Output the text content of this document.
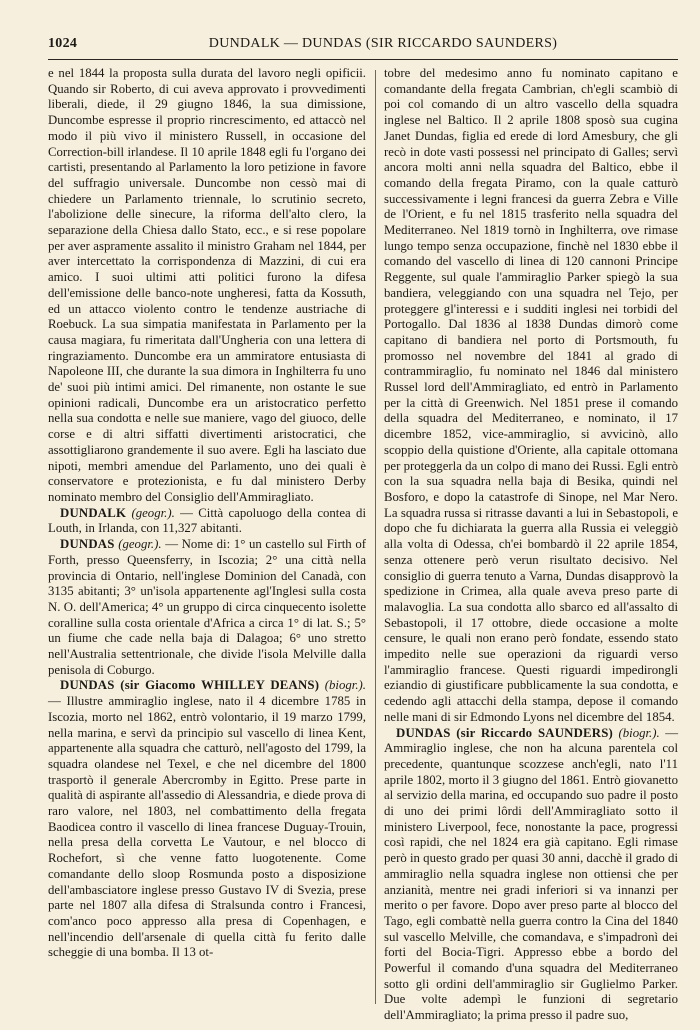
1024	DUNDALK — DUNDAS (SIR RICCARDO SAUNDERS)

e nel 1844 la proposta sulla durata del lavoro negli opificii. Quando sir Roberto, di cui aveva approvato i provvedimenti liberali, diede, il 29 giugno 1846, la sua dimissione, Duncombe espresse il proprio rincrescimento, ed attaccò nel modo il più vivo il ministero Russell, in occasione del Correction-bill irlandese. Il 10 aprile 1848 egli fu l'organo dei cartisti, presentando al Parlamento la loro petizione in favore del suffragio universale. Duncombe non cessò mai di chiedere un Parlamento triennale, lo scrutinio secreto, l'abolizione delle sinecure, la riforma dell'alto clero, la separazione della Chiesa dallo Stato, ecc., e si rese popolare per aver aspramente assalito il ministro Graham nel 1844, per aver intercettato la corrispondenza di Mazzini, di cui era amico. I suoi ultimi atti politici furono la difesa dell'emissione delle banco-note ungheresi, fatta da Kossuth, ed un attacco violento contro le tendenze austriache di Roebuck. La sua simpatia manifestata in Parlamento per la causa magiara, fu rimeritata dall'Ungheria con una lettera di ringraziamento. Duncombe era un ammiratore entusiasta di Napoleone III, che durante la sua dimora in Inghilterra fu uno de' suoi più intimi amici. Del rimanente, non ostante le sue opinioni radicali, Duncombe era un aristocratico perfetto nella sua condotta e nelle sue maniere, vago del giuoco, delle corse e di altri siffatti divertimenti aristocratici, che assottigliarono grandemente il suo avere. Egli ha lasciato due nipoti, membri amendue del Parlamento, uno dei quali è conservatore e protezionista, e fu dal ministero Derby nominato membro del Consiglio dell'Ammiragliato.

DUNDALK (geogr.). — Città capoluogo della contea di Louth, in Irlanda, con 11,327 abitanti.

DUNDAS (geogr.). — Nome di: 1° un castello sul Firth of Forth, presso Queensferry, in Iscozia; 2° una città nella provincia di Ontario, nell'inglese Dominion del Canadà, con 3135 abitanti; 3° un'isola appartenente agl'Inglesi sulla costa N. O. dell'America; 4° un gruppo di circa cinquecento isolette coralline sulla costa orientale d'Africa a circa 1° di lat. S.; 5° un fiume che cade nella baja di Dalagoa; 6° uno stretto nell'Australia settentrionale, che divide l'isola Melville dalla penisola di Coburgo.

DUNDAS (sir Giacomo WHILLEY DEANS) (biogr.). — Illustre ammiraglio inglese, nato il 4 dicembre 1785 in Iscozia, morto nel 1862, entrò volontario, il 19 marzo 1799, nella marina, e servì da principio sul vascello di linea Kent, appartenente alla squadra che catturò, nell'agosto del 1799, la squadra olandese nel Texel, e che nel dicembre del 1800 trasportò il generale Abercromby in Egitto. Prese parte in qualità di aspirante all'assedio di Alessandria, e diede prova di raro valore, nel 1803, nel combattimento della fregata Baodicea contro il vascello di linea francese Duguay-Trouin, nella presa della corvetta Le Vautour, e nel blocco di Rochefort, sì che venne fatto luogotenente. Come comandante dello sloop Rosmunda posto a disposizione dell'ambasciatore inglese presso Gustavo IV di Svezia, prese parte nel 1807 alla difesa di Stralsunda contro i Francesi, com'anco poco appresso alla presa di Copenhagen, e nell'incendio dell'arsenale di quella città fu ferito dalle scheggie di una bomba. Il 13 ot-

tobre del medesimo anno fu nominato capitano e comandante della fregata Cambrian, ch'egli scambiò di poi col comando di un altro vascello della squadra inglese nel Baltico. Il 2 aprile 1808 sposò sua cugina Janet Dundas, figlia ed erede di lord Amesbury, che gli recò in dote vasti possessi nel principato di Galles; servì ancora molti anni nella squadra del Baltico, ebbe il comando della fregata Piramo, con la quale catturò successivamente i legni francesi da guerra Zebra e Ville de l'Orient, e fu nel 1815 trasferito nella squadra del Mediterraneo. Nel 1819 tornò in Inghilterra, ove rimase lungo tempo senza occupazione, finchè nel 1830 ebbe il comando del vascello di linea di 120 cannoni Principe Reggente, sul quale l'ammiraglio Parker spiegò la sua bandiera, veleggiando con una squadra nel Tejo, per proteggere gl'interessi e i sudditi inglesi nei torbidi del Portogallo. Dal 1836 al 1838 Dundas dimorò come capitano di bandiera nel porto di Portsmouth, fu promosso nel novembre del 1841 al grado di contrammiraglio, fu nominato nel 1846 dal ministero Russel lord dell'Ammiragliato, ed entrò in Parlamento per la città di Greenwich. Nel 1851 prese il comando della squadra del Mediterraneo, e nominato, il 17 dicembre 1852, vice-ammiraglio, si avvicinò, allo scoppio della quistione d'Oriente, alla capitale ottomana per proteggerla da un colpo di mano dei Russi. Egli entrò con la sua squadra nella baja di Besika, quindi nel Bosforo, e dopo la catastrofe di Sinope, nel Mar Nero. La squadra russa si ritrasse davanti a lui in Sebastopoli, e dopo che fu dichiarata la guerra alla Russia ei veleggiò alla volta di Odessa, ch'ei bombardò il 22 aprile 1854, senza ottenere però verun risultato decisivo. Nel consiglio di guerra tenuto a Varna, Dundas disapprovò la spedizione in Crimea, alla quale aveva preso parte di malavoglia. La sua condotta allo sbarco ed all'assalto di Sebastopoli, il 17 ottobre, diede occasione a molte censure, le quali non erano però fondate, essendo stato impedito nelle sue operazioni da riguardi verso l'ammiraglio francese. Questi riguardi impedirongli eziandio di giustificare pubblicamente la sua condotta, e cedendo agli attacchi della stampa, depose il comando nelle mani di sir Edmondo Lyons nel dicembre del 1854.

DUNDAS (sir Riccardo SAUNDERS) (biogr.). — Ammiraglio inglese, che non ha alcuna parentela col precedente, quantunque scozzese anch'egli, nato l'11 aprile 1802, morto il 3 giugno del 1861. Entrò giovanetto al servizio della marina, ed occupando suo padre il posto di uno dei primi lôrdi dell'Ammiragliato sotto il ministero Liverpool, fece, nonostante la pace, progressi così rapidi, che nel 1824 era già capitano. Egli rimase però in questo grado per quasi 30 anni, dacchè il grado di ammiraglio nella squadra inglese non ottiensi che per anzianità, mentre nei gradi inferiori si va innanzi per merito o per favore. Dopo aver preso parte al blocco del Tago, egli combattè nella guerra contro la Cina del 1840 sul vascello Melville, che comandava, e s'impadronì dei forti del Bocia-Tigri. Appresso ebbe a bordo del Powerful il comando d'una squadra del Mediterraneo sotto gli ordini dell'ammiraglio sir Guglielmo Parker. Due volte adempì le funzioni di segretario dell'Ammiragliato; la prima presso il padre suo,
